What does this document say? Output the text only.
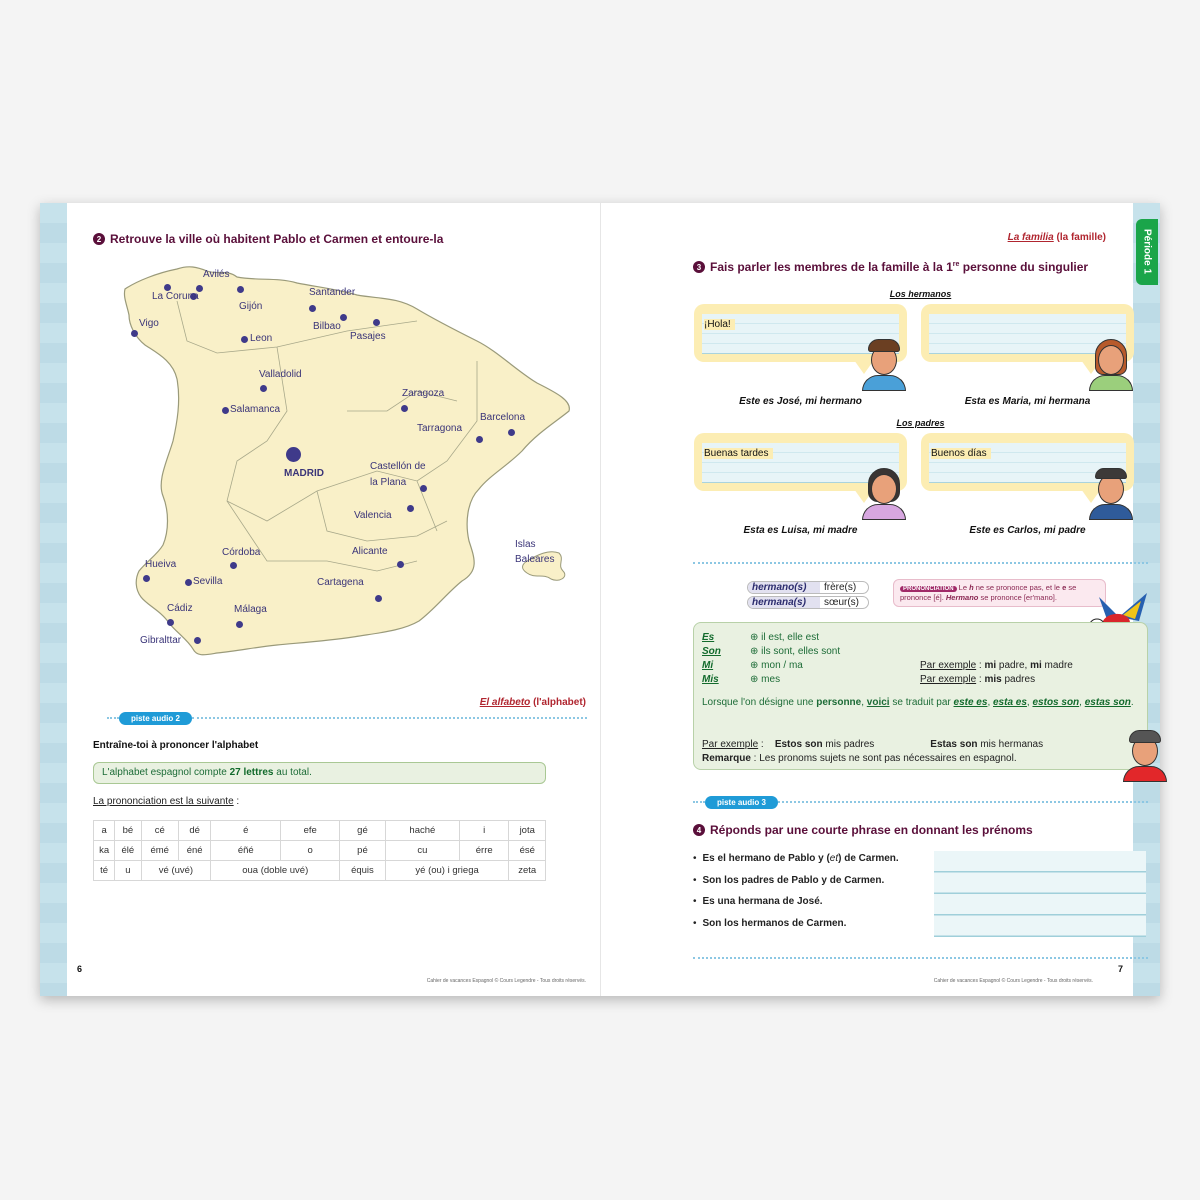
Période 1
2 Retrouve la ville où habitent Pablo et Carmen et entoure-la
Avilés
La Coruna
Gijón
Santander
Vigo	Bilbao
Pasajes
Leon
Valladolid
Zaragoza
Salamanca
Barcelona
Tarragona
MADRID
Castellón de
la Plana
Valencia
Islas
Baleares
Córdoba	Alicante
Hueiva
Sevilla	Cartagena
Cádiz	Málaga
Gibralttar
El alfabeto (l'alphabet)
piste audio 2
Entraîne-toi à prononcer l'alphabet
L'alphabet espagnol compte 27 lettres au total.
La prononciation est la suivante :
a	bé	cé	dé	é	efe	gé	haché	i	jota
ka	élé	émé	éné	éñé	o	pé	cu	érre	ésé
té	u	vé (uvé)		oua (doble uvé)		équis	yé (ou) i griega		zeta
6
Cahier de vacances Espagnol © Cours Legendre - Tous droits réservés.
La familia (la famille)
3 Fais parler les membres de la famille à la 1re personne du singulier
Los hermanos
¡Hola!
Este es José, mi hermano	Esta es Maria, mi hermana
Los padres
Buenas tardes
Esta es Luisa, mi madre
Buenos días
Este es Carlos, mi padre
hermano(s)	frère(s)
hermana(s)	sœur(s)
PRONONCIATION Le h ne se prononce pas, et le e se prononce [é]. Hermano se prononce [er'mano].
Es	⊕ il est, elle est
Son	⊕ ils sont, elles sont
Mi	⊕ mon / ma	Par exemple : mi padre, mi madre
Mis	⊕ mes	Par exemple : mis padres
Lorsque l'on désigne une personne, voici se traduit par este es, esta es, estos son, estas son.
Par exemple :    Estos son mis padres	Estas son mis hermanas
Remarque : Les pronoms sujets ne sont pas nécessaires en espagnol.
piste audio 3
4 Réponds par une courte phrase en donnant les prénoms
• Es el hermano de Pablo y (et) de Carmen.
• Son los padres de Pablo y de Carmen.
• Es una hermana de José.
• Son los hermanos de Carmen.
7
Cahier de vacances Espagnol © Cours Legendre - Tous droits réservés.
